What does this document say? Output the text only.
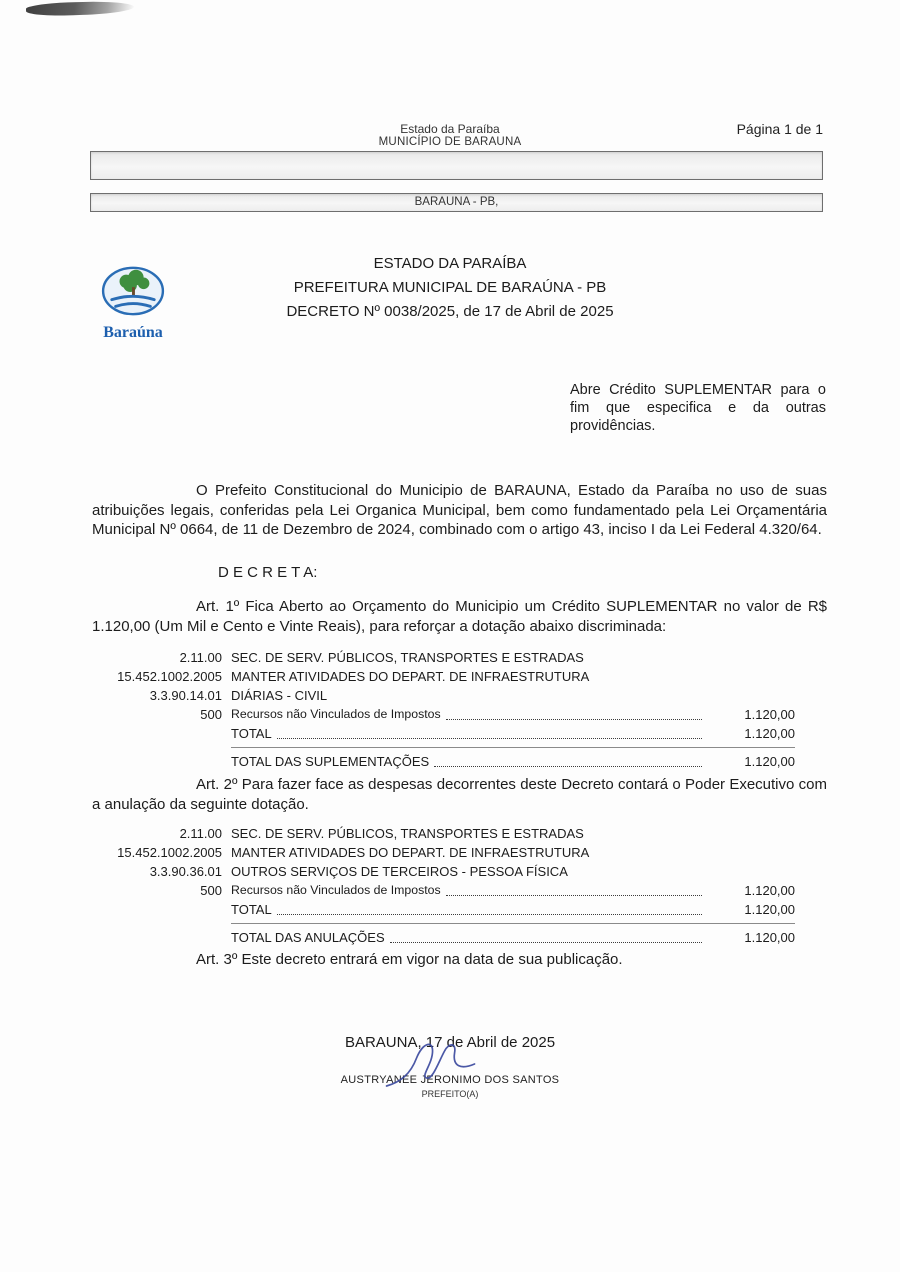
Estado da Paraíba
MUNICÍPIO DE BARAUNA
Página 1 de 1
BARAUNA - PB,
Baraúna
ESTADO DA PARAÍBA
PREFEITURA MUNICIPAL DE BARAÚNA - PB
DECRETO Nº 0038/2025, de 17 de Abril de 2025
Abre Crédito SUPLEMENTAR para o fim que especifica e da outras providências.
O Prefeito Constitucional do Municipio de BARAUNA, Estado da Paraíba no uso de suas atribuições legais, conferidas pela Lei Organica Municipal, bem como fundamentado pela Lei Orçamentária Municipal Nº 0664, de 11 de Dezembro de 2024, combinado com o artigo 43, inciso I da Lei Federal 4.320/64.
D E C R E T A:
Art. 1º Fica Aberto ao Orçamento do Municipio um Crédito SUPLEMENTAR no valor de R$ 1.120,00 (Um Mil e Cento e Vinte Reais), para reforçar a dotação abaixo discriminada:
2.11.00 SEC. DE SERV. PÚBLICOS, TRANSPORTES E ESTRADAS
15.452.1002.2005 MANTER ATIVIDADES DO DEPART. DE INFRAESTRUTURA
3.3.90.14.01 DIÁRIAS - CIVIL
500 Recursos não Vinculados de Impostos	1.120,00
TOTAL	1.120,00
TOTAL DAS SUPLEMENTAÇÕES	1.120,00
Art. 2º Para fazer face as despesas decorrentes deste Decreto contará o Poder Executivo com a anulação da seguinte dotação.
2.11.00 SEC. DE SERV. PÚBLICOS, TRANSPORTES E ESTRADAS
15.452.1002.2005 MANTER ATIVIDADES DO DEPART. DE INFRAESTRUTURA
3.3.90.36.01 OUTROS SERVIÇOS DE TERCEIROS - PESSOA FÍSICA
500 Recursos não Vinculados de Impostos	1.120,00
TOTAL	1.120,00
TOTAL DAS ANULAÇÕES	1.120,00
Art. 3º Este decreto entrará em vigor na data de sua publicação.
BARAUNA, 17 de Abril de 2025
AUSTRYANEE JERONIMO DOS SANTOS
PREFEITO(A)
